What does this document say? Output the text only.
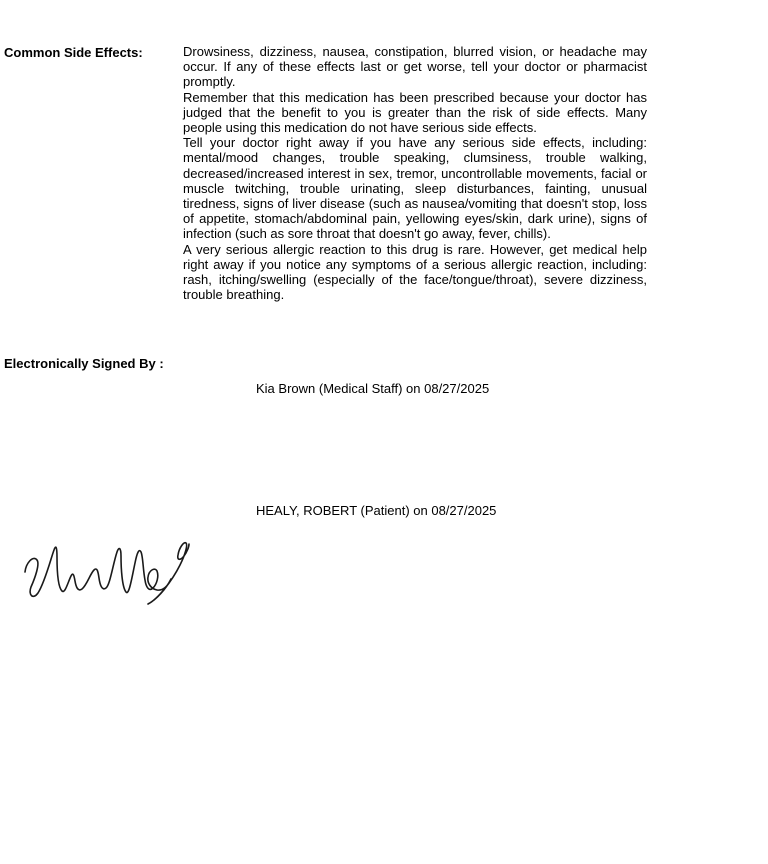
Common Side Effects:	Drowsiness, dizziness, nausea, constipation, blurred vision, or headache may occur. If any of these effects last or get worse, tell your doctor or pharmacist promptly.

Remember that this medication has been prescribed because your doctor has judged that the benefit to you is greater than the risk of side effects. Many people using this medication do not have serious side effects.

Tell your doctor right away if you have any serious side effects, including: mental/mood changes, trouble speaking, clumsiness, trouble walking, decreased/increased interest in sex, tremor, uncontrollable movements, facial or muscle twitching, trouble urinating, sleep disturbances, fainting, unusual tiredness, signs of liver disease (such as nausea/vomiting that doesn't stop, loss of appetite, stomach/abdominal pain, yellowing eyes/skin, dark urine), signs of infection (such as sore throat that doesn't go away, fever, chills).

A very serious allergic reaction to this drug is rare. However, get medical help right away if you notice any symptoms of a serious allergic reaction, including: rash, itching/swelling (especially of the face/tongue/throat), severe dizziness, trouble breathing.

Electronically Signed By :
Kia Brown (Medical Staff) on 08/27/2025
HEALY, ROBERT (Patient) on 08/27/2025
